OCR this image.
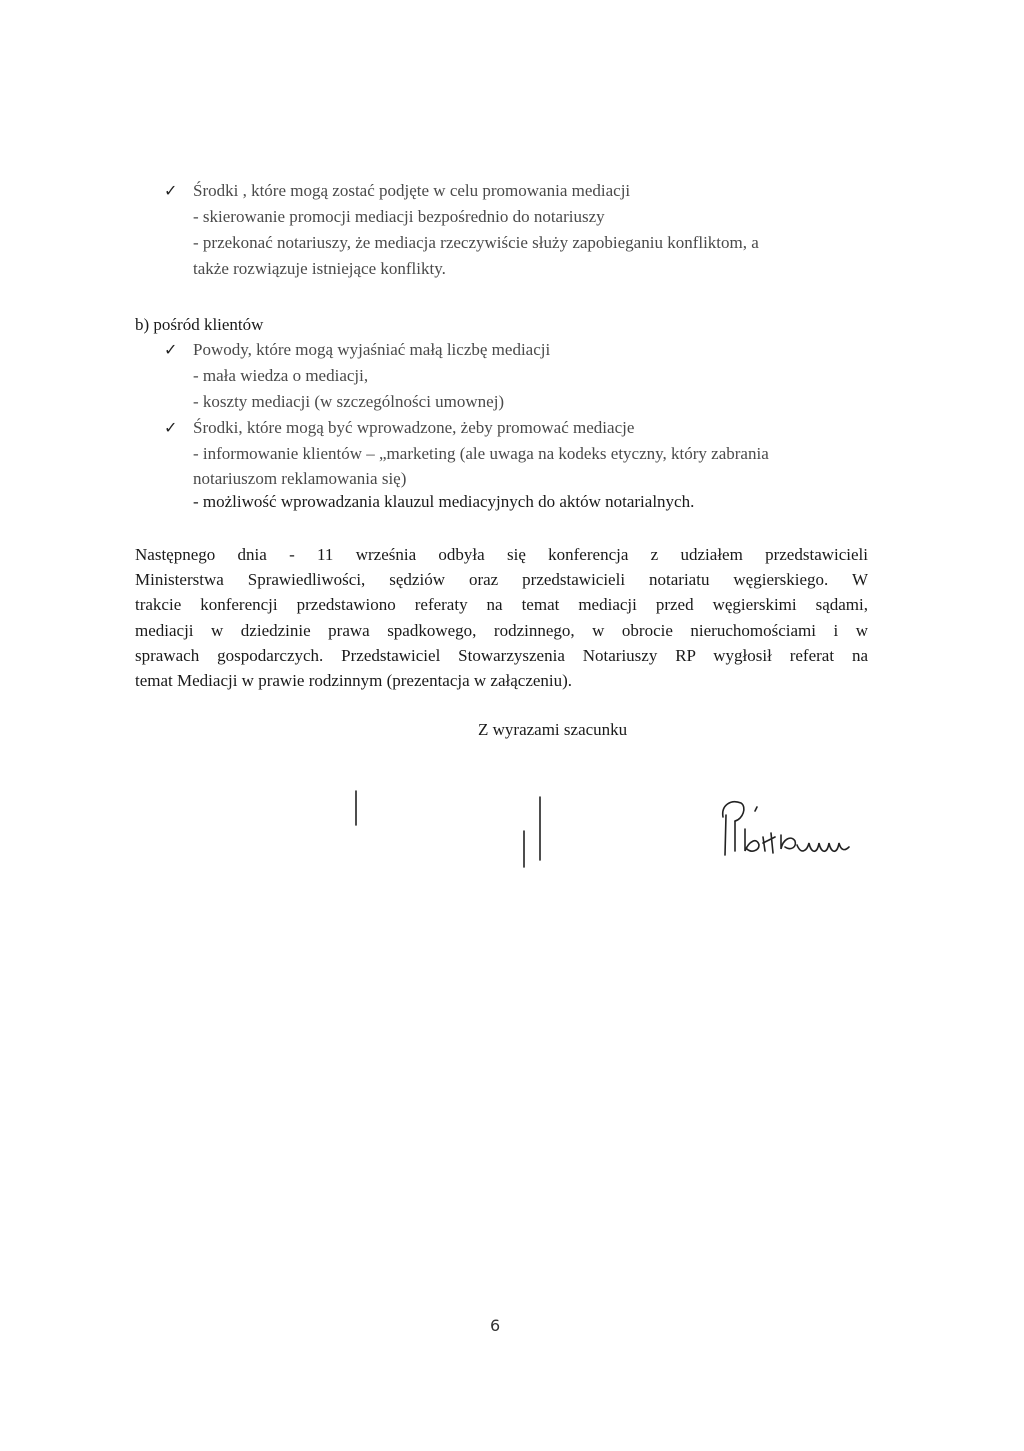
✓ Środki , które mogą zostać podjęte w celu promowania mediacji
- skierowanie promocji mediacji bezpośrednio do notariuszy
- przekonać notariuszy, że mediacja rzeczywiście służy zapobieganiu konfliktom, a
także rozwiązuje istniejące konflikty.
b) pośród klientów
✓ Powody, które mogą wyjaśniać małą liczbę mediacji
- mała wiedza o mediacji,
- koszty mediacji (w szczególności umownej)
✓ Środki, które mogą być wprowadzone, żeby promować mediacje
- informowanie klientów – „marketing (ale uwaga na kodeks etyczny, który zabrania
notariuszom reklamowania się)
- możliwość wprowadzania klauzul mediacyjnych do aktów notarialnych.
Następnego dnia - 11 września odbyła się konferencja z udziałem przedstawicieli
Ministerstwa Sprawiedliwości, sędziów oraz przedstawicieli notariatu węgierskiego. W
trakcie konferencji przedstawiono referaty na temat mediacji przed węgierskimi sądami,
mediacji w dziedzinie prawa spadkowego, rodzinnego, w obrocie nieruchomościami i w
sprawach gospodarczych. Przedstawiciel Stowarzyszenia Notariuszy RP wygłosił referat na
temat Mediacji w prawie rodzinnym (prezentacja w załączeniu).
Z wyrazami szacunku
6
